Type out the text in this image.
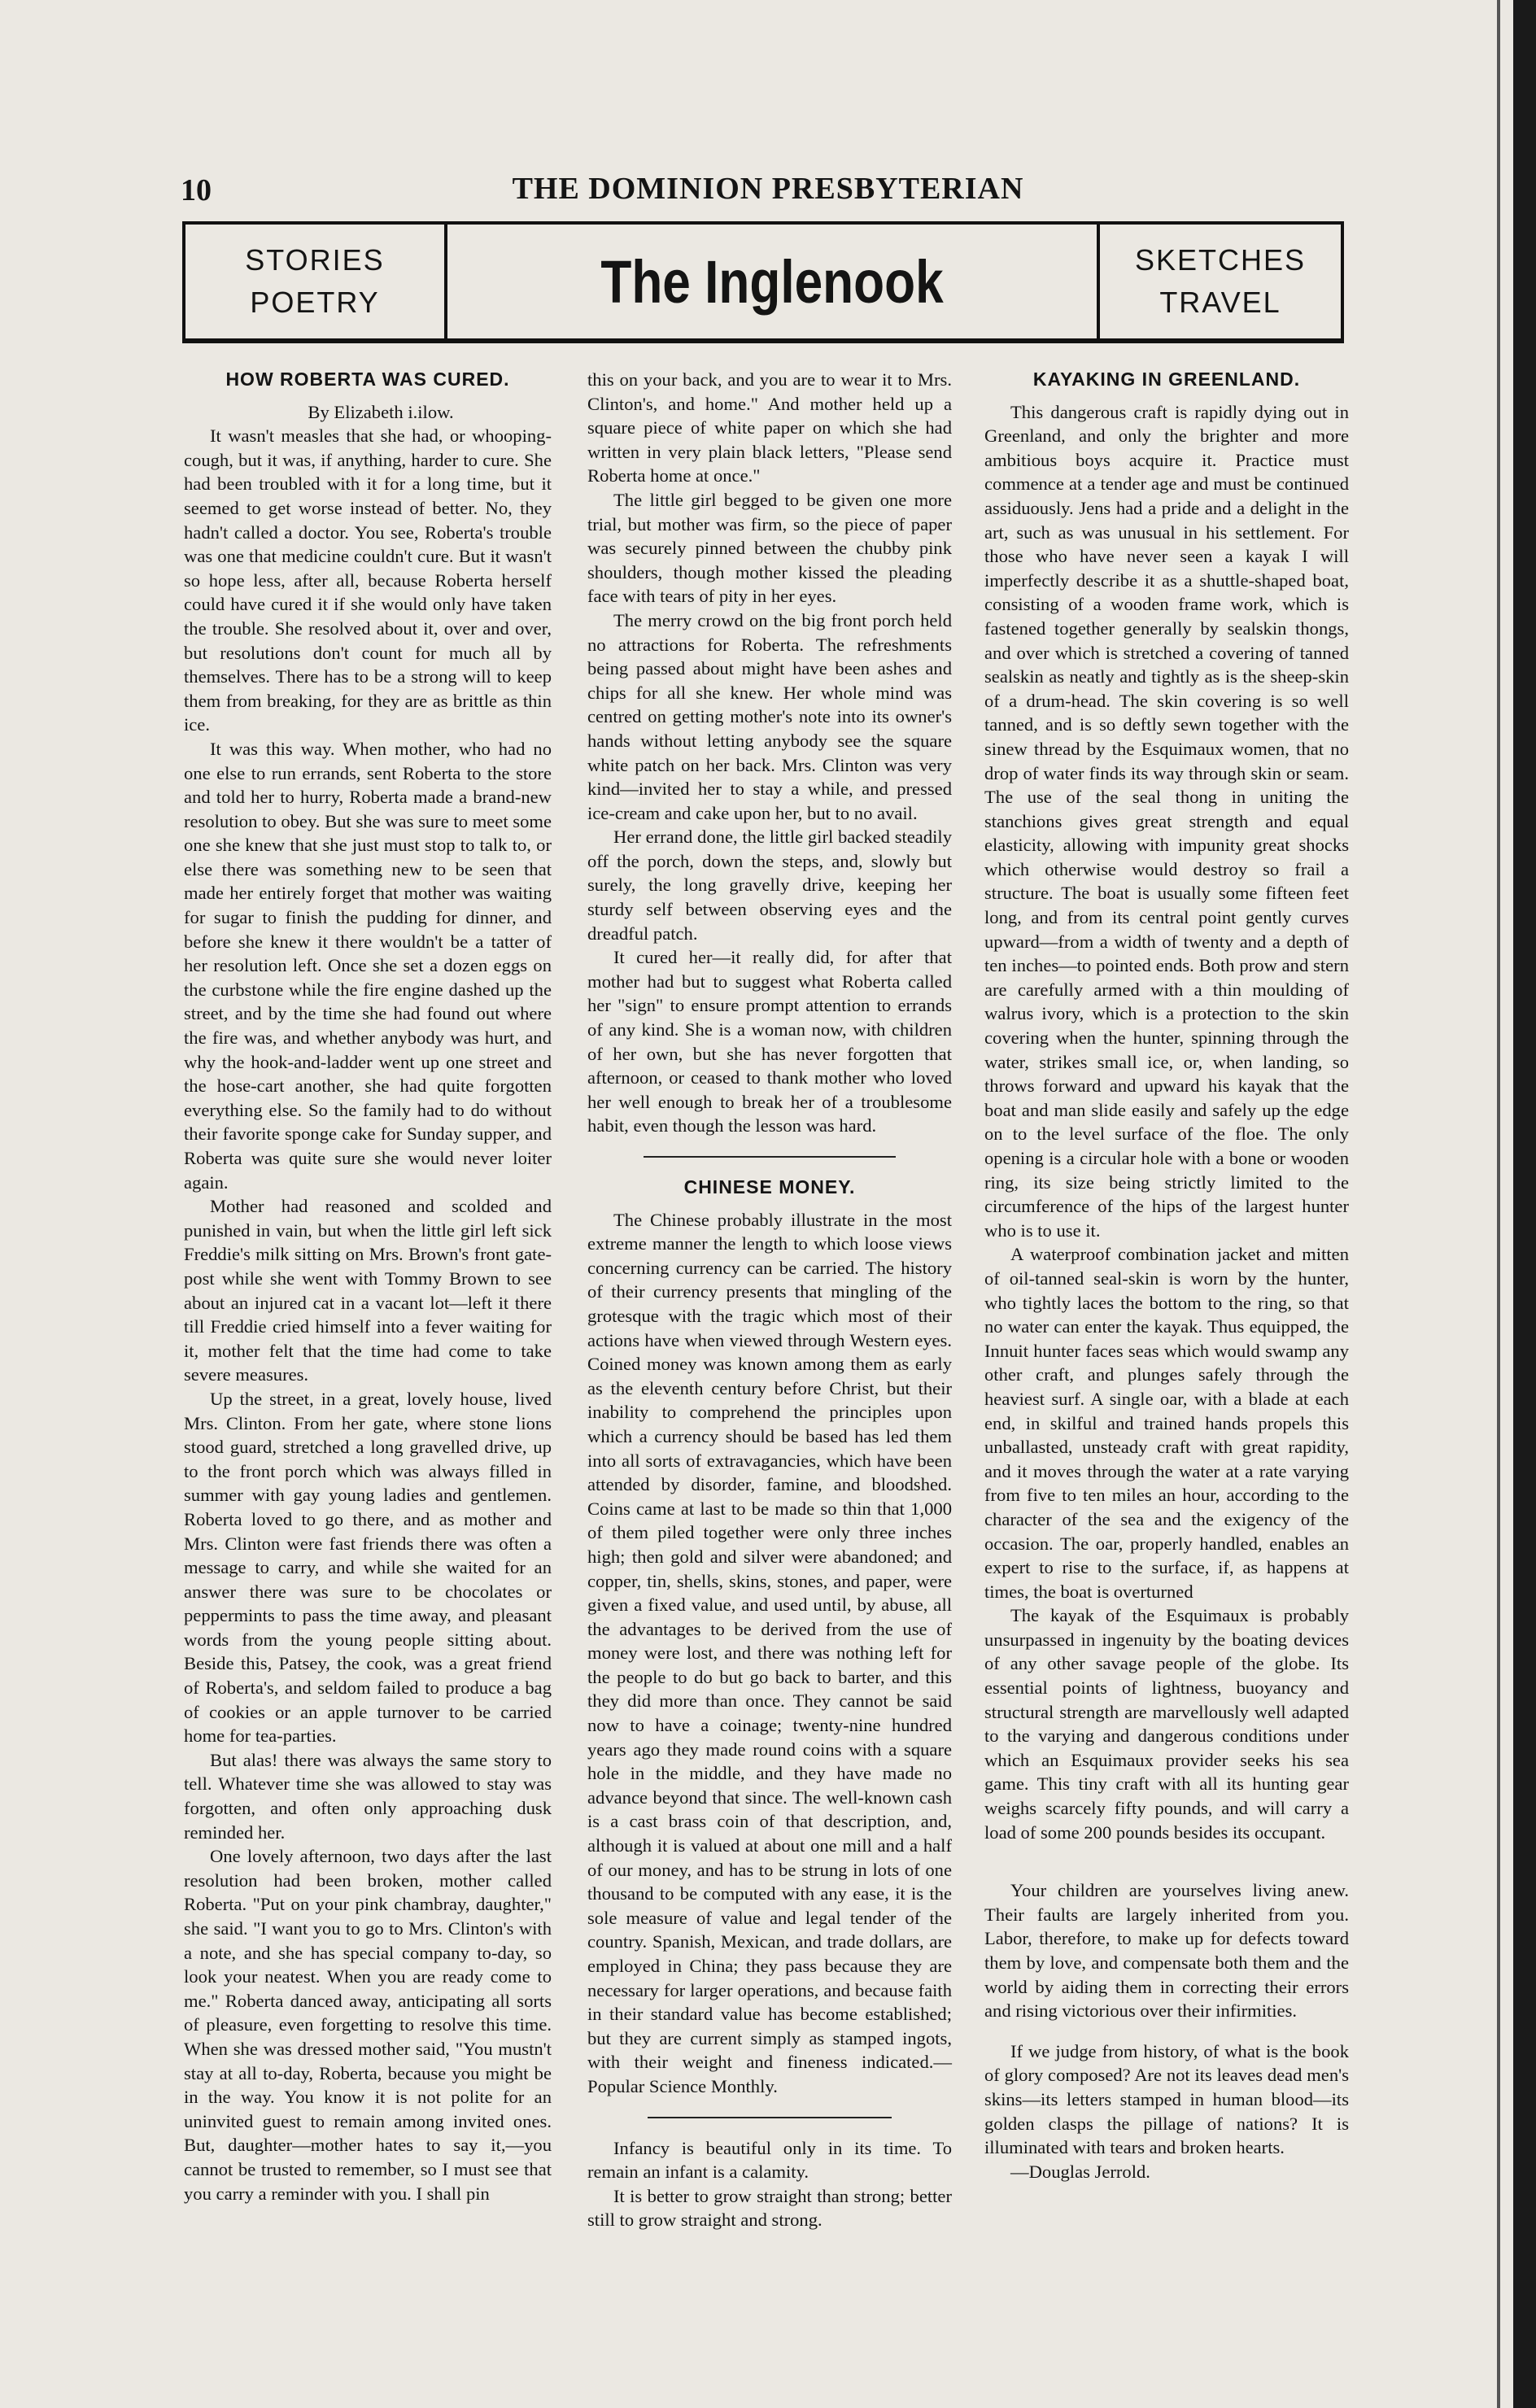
10	THE DOMINION PRESBYTERIAN
STORIES
POETRY	The Inglenook	SKETCHES
TRAVEL
HOW ROBERTA WAS CURED.

By Elizabeth i.ilow.

It wasn't measles that she had, or whooping-cough, but it was, if anything, harder to cure. She had been troubled with it for a long time, but it seemed to get worse instead of better. No, they hadn't called a doctor. You see, Roberta's trouble was one that medicine couldn't cure. But it wasn't so hope less, after all, because Roberta herself could have cured it if she would only have taken the trouble. She resolved about it, over and over, but resolutions don't count for much all by themselves. There has to be a strong will to keep them from breaking, for they are as brittle as thin ice.

It was this way. When mother, who had no one else to run errands, sent Roberta to the store and told her to hurry, Roberta made a brand-new resolution to obey. But she was sure to meet some one she knew that she just must stop to talk to, or else there was something new to be seen that made her entirely forget that mother was waiting for sugar to finish the pudding for dinner, and before she knew it there wouldn't be a tatter of her resolution left. Once she set a dozen eggs on the curbstone while the fire engine dashed up the street, and by the time she had found out where the fire was, and whether anybody was hurt, and why the hook-and-ladder went up one street and the hose-cart another, she had quite forgotten everything else. So the family had to do without their favorite sponge cake for Sunday supper, and Roberta was quite sure she would never loiter again.

Mother had reasoned and scolded and punished in vain, but when the little girl left sick Freddie's milk sitting on Mrs. Brown's front gate-post while she went with Tommy Brown to see about an injured cat in a vacant lot—left it there till Freddie cried himself into a fever waiting for it, mother felt that the time had come to take severe measures.

Up the street, in a great, lovely house, lived Mrs. Clinton. From her gate, where stone lions stood guard, stretched a long gravelled drive, up to the front porch which was always filled in summer with gay young ladies and gentlemen. Roberta loved to go there, and as mother and Mrs. Clinton were fast friends there was often a message to carry, and while she waited for an answer there was sure to be chocolates or peppermints to pass the time away, and pleasant words from the young people sitting about. Beside this, Patsey, the cook, was a great friend of Roberta's, and seldom failed to produce a bag of cookies or an apple turnover to be carried home for tea-parties.

But alas! there was always the same story to tell. Whatever time she was allowed to stay was forgotten, and often only approaching dusk reminded her.

One lovely afternoon, two days after the last resolution had been broken, mother called Roberta. "Put on your pink chambray, daughter," she said. "I want you to go to Mrs. Clinton's with a note, and she has special company to-day, so look your neatest. When you are ready come to me." Roberta danced away, anticipating all sorts of pleasure, even forgetting to resolve this time. When she was dressed mother said, "You mustn't stay at all to-day, Roberta, because you might be in the way. You know it is not polite for an uninvited guest to remain among invited ones. But, daughter—mother hates to say it,—you cannot be trusted to remember, so I must see that you carry a reminder with you. I shall pin

this on your back, and you are to wear it to Mrs. Clinton's, and home." And mother held up a square piece of white paper on which she had written in very plain black letters, "Please send Roberta home at once."

The little girl begged to be given one more trial, but mother was firm, so the piece of paper was securely pinned between the chubby pink shoulders, though mother kissed the pleading face with tears of pity in her eyes.

The merry crowd on the big front porch held no attractions for Roberta. The refreshments being passed about might have been ashes and chips for all she knew. Her whole mind was centred on getting mother's note into its owner's hands without letting anybody see the square white patch on her back. Mrs. Clinton was very kind—invited her to stay a while, and pressed ice-cream and cake upon her, but to no avail.

Her errand done, the little girl backed steadily off the porch, down the steps, and, slowly but surely, the long gravelly drive, keeping her sturdy self between observing eyes and the dreadful patch.

It cured her—it really did, for after that mother had but to suggest what Roberta called her "sign" to ensure prompt attention to errands of any kind. She is a woman now, with children of her own, but she has never forgotten that afternoon, or ceased to thank mother who loved her well enough to break her of a troublesome habit, even though the lesson was hard.

CHINESE MONEY.

The Chinese probably illustrate in the most extreme manner the length to which loose views concerning currency can be carried. The history of their currency presents that mingling of the grotesque with the tragic which most of their actions have when viewed through Western eyes. Coined money was known among them as early as the eleventh century before Christ, but their inability to comprehend the principles upon which a currency should be based has led them into all sorts of extravagancies, which have been attended by disorder, famine, and bloodshed. Coins came at last to be made so thin that 1,000 of them piled together were only three inches high; then gold and silver were abandoned; and copper, tin, shells, skins, stones, and paper, were given a fixed value, and used until, by abuse, all the advantages to be derived from the use of money were lost, and there was nothing left for the people to do but go back to barter, and this they did more than once. They cannot be said now to have a coinage; twenty-nine hundred years ago they made round coins with a square hole in the middle, and they have made no advance beyond that since. The well-known cash is a cast brass coin of that description, and, although it is valued at about one mill and a half of our money, and has to be strung in lots of one thousand to be computed with any ease, it is the sole measure of value and legal tender of the country. Spanish, Mexican, and trade dollars, are employed in China; they pass because they are necessary for larger operations, and because faith in their standard value has become established; but they are current simply as stamped ingots, with their weight and fineness indicated.—Popular Science Monthly.

Infancy is beautiful only in its time. To remain an infant is a calamity.

It is better to grow straight than strong; better still to grow straight and strong.

KAYAKING IN GREENLAND.

This dangerous craft is rapidly dying out in Greenland, and only the brighter and more ambitious boys acquire it. Practice must commence at a tender age and must be continued assiduously. Jens had a pride and a delight in the art, such as was unusual in his settlement. For those who have never seen a kayak I will imperfectly describe it as a shuttle-shaped boat, consisting of a wooden frame work, which is fastened together generally by sealskin thongs, and over which is stretched a covering of tanned sealskin as neatly and tightly as is the sheep-skin of a drum-head. The skin covering is so well tanned, and is so deftly sewn together with the sinew thread by the Esquimaux women, that no drop of water finds its way through skin or seam. The use of the seal thong in uniting the stanchions gives great strength and equal elasticity, allowing with impunity great shocks which otherwise would destroy so frail a structure. The boat is usually some fifteen feet long, and from its central point gently curves upward—from a width of twenty and a depth of ten inches—to pointed ends. Both prow and stern are carefully armed with a thin moulding of walrus ivory, which is a protection to the skin covering when the hunter, spinning through the water, strikes small ice, or, when landing, so throws forward and upward his kayak that the boat and man slide easily and safely up the edge on to the level surface of the floe. The only opening is a circular hole with a bone or wooden ring, its size being strictly limited to the circumference of the hips of the largest hunter who is to use it.

A waterproof combination jacket and mitten of oil-tanned seal-skin is worn by the hunter, who tightly laces the bottom to the ring, so that no water can enter the kayak. Thus equipped, the Innuit hunter faces seas which would swamp any other craft, and plunges safely through the heaviest surf. A single oar, with a blade at each end, in skilful and trained hands propels this unballasted, unsteady craft with great rapidity, and it moves through the water at a rate varying from five to ten miles an hour, according to the character of the sea and the exigency of the occasion. The oar, properly handled, enables an expert to rise to the surface, if, as happens at times, the boat is overturned

The kayak of the Esquimaux is probably unsurpassed in ingenuity by the boating devices of any other savage people of the globe. Its essential points of lightness, buoyancy and structural strength are marvellously well adapted to the varying and dangerous conditions under which an Esquimaux provider seeks his sea game. This tiny craft with all its hunting gear weighs scarcely fifty pounds, and will carry a load of some 200 pounds besides its occupant.

Your children are yourselves living anew. Their faults are largely inherited from you. Labor, therefore, to make up for defects toward them by love, and compensate both them and the world by aiding them in correcting their errors and rising victorious over their infirmities.

If we judge from history, of what is the book of glory composed? Are not its leaves dead men's skins—its letters stamped in human blood—its golden clasps the pillage of nations? It is illuminated with tears and broken hearts.

—Douglas Jerrold.
